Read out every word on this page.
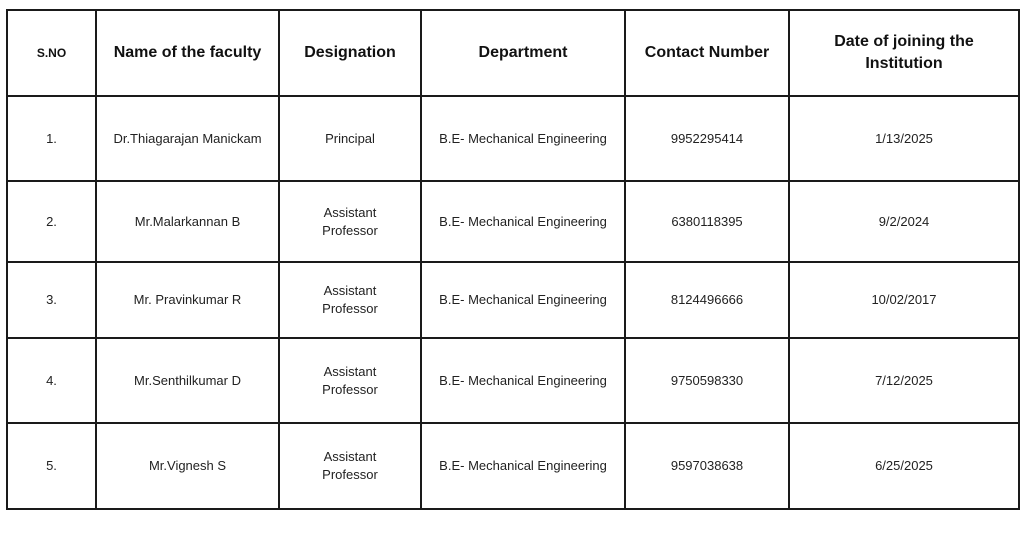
S.NO	Name of the faculty	Designation	Department	Contact Number	Date of joining the Institution
1.	Dr.Thiagarajan Manickam	Principal	B.E- Mechanical Engineering	9952295414	1/13/2025
2.	Mr.Malarkannan B	Assistant Professor	B.E- Mechanical Engineering	6380118395	9/2/2024
3.	Mr. Pravinkumar R	Assistant Professor	B.E- Mechanical Engineering	8124496666	10/02/2017
4.	Mr.Senthilkumar D	Assistant Professor	B.E- Mechanical Engineering	9750598330	7/12/2025
5.	Mr.Vignesh S	Assistant Professor	B.E- Mechanical Engineering	9597038638	6/25/2025
